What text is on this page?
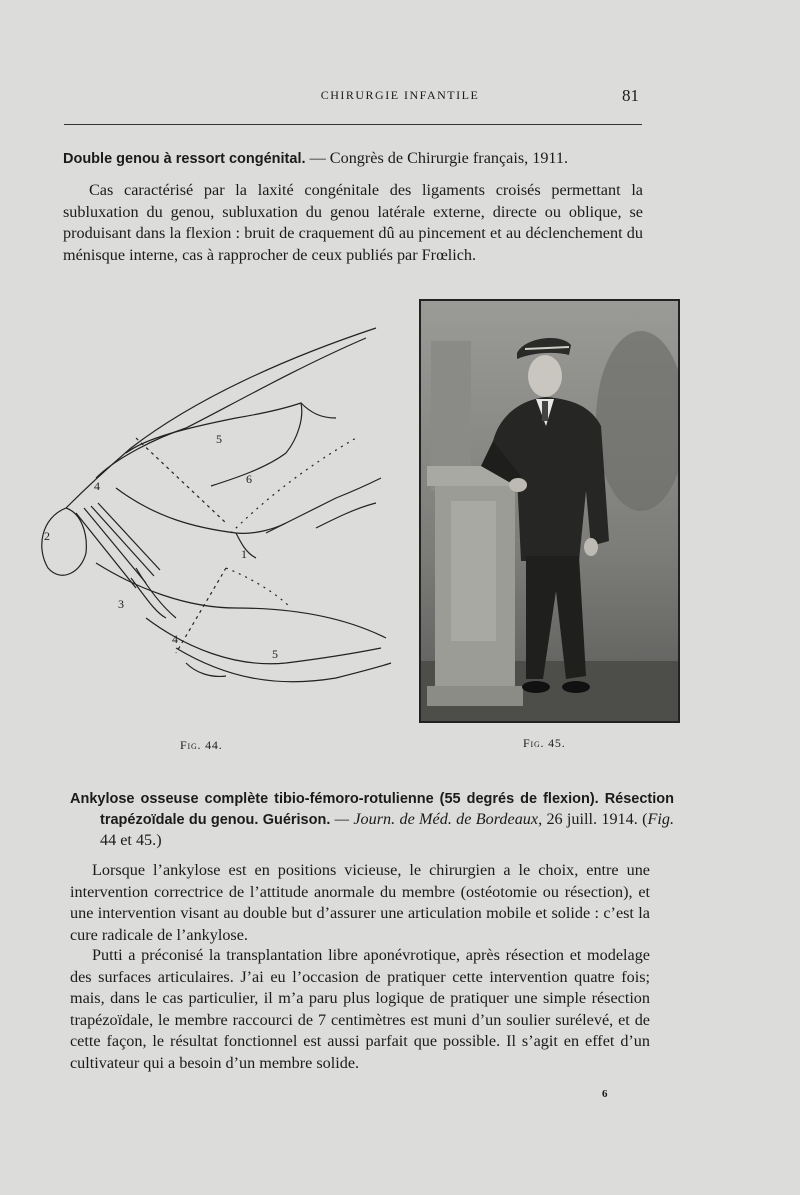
CHIRURGIE INFANTILE	81
Double genou à ressort congénital. — Congrès de Chirurgie français, 1911.
Cas caractérisé par la laxité congénitale des ligaments croisés permettant la subluxation du genou, subluxation du genou latérale externe, directe ou oblique, se produisant dans la flexion : bruit de craquement dû au pincement et au déclenchement du ménisque interne, cas à rapprocher de ceux publiés par Frœlich.
1
2
3
4
4
5
5
6
Fig. 44.	Fig. 45.
Ankylose osseuse complète tibio-fémoro-rotulienne (55 degrés de flexion). Résection trapézoïdale du genou. Guérison. — Journ. de Méd. de Bordeaux, 26 juill. 1914. (Fig. 44 et 45.)
Lorsque l’ankylose est en positions vicieuse, le chirurgien a le choix, entre une intervention correctrice de l’attitude anormale du membre (ostéotomie ou résection), et une intervention visant au double but d’assurer une articulation mobile et solide : c’est la cure radicale de l’ankylose.
Putti a préconisé la transplantation libre aponévrotique, après résection et modelage des surfaces articulaires. J’ai eu l’occasion de pratiquer cette intervention quatre fois; mais, dans le cas particulier, il m’a paru plus logique de pratiquer une simple résection trapézoïdale, le membre raccourci de 7 centimètres est muni d’un soulier surélevé, et de cette façon, le résultat fonctionnel est aussi parfait que possible. Il s’agit en effet d’un cultivateur qui a besoin d’un membre solide.
6
